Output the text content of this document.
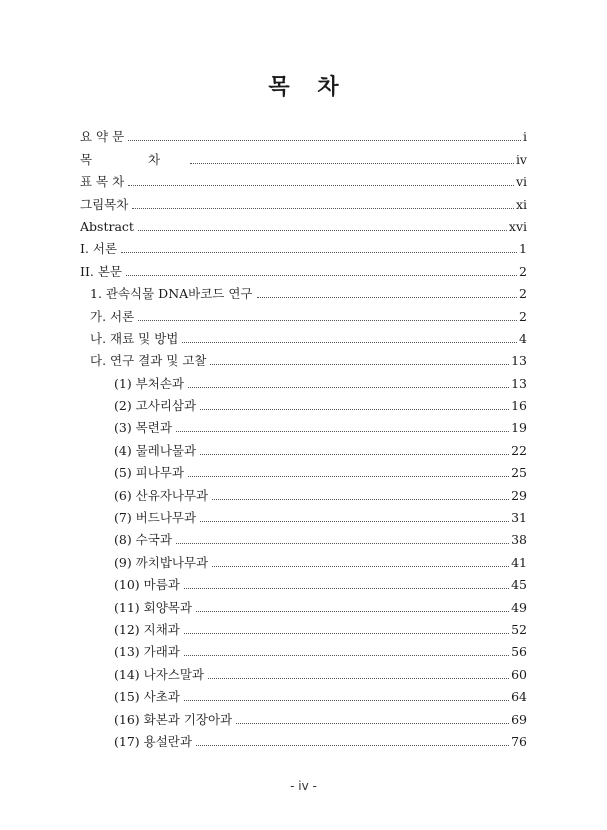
목 차
요 약 문	i
목 차	iv
표 목 차	vi
그림목차	xi
Abstract	xvi
I. 서론	1
II. 본문	2
1. 관속식물 DNA바코드 연구	2
가. 서론	2
나. 재료 및 방법	4
다. 연구 결과 및 고찰	13
(1) 부처손과	13
(2) 고사리삼과	16
(3) 목련과	19
(4) 물레나물과	22
(5) 피나무과	25
(6) 산유자나무과	29
(7) 버드나무과	31
(8) 수국과	38
(9) 까치밥나무과	41
(10) 마름과	45
(11) 회양목과	49
(12) 지채과	52
(13) 가래과	56
(14) 나자스말과	60
(15) 사초과	64
(16) 화본과 기장아과	69
(17) 용설란과	76
- iv -
